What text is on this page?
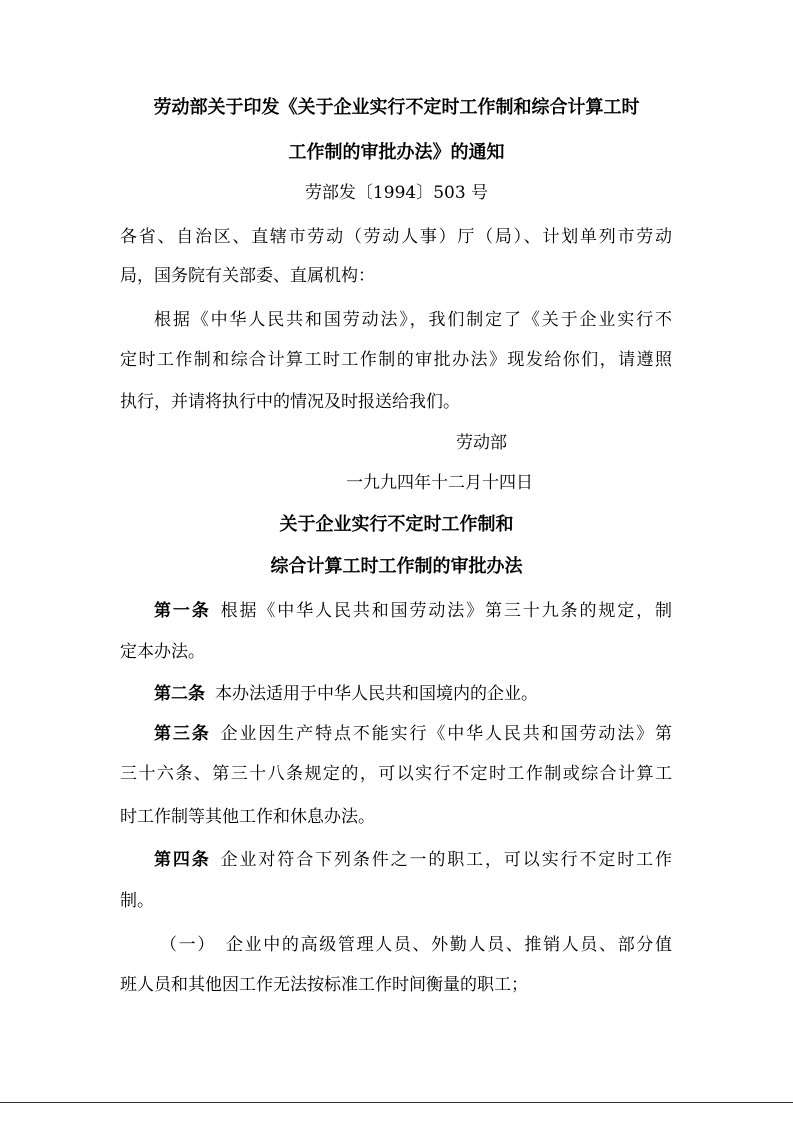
劳动部关于印发《关于企业实行不定时工作制和综合计算工时
工作制的审批办法》的通知
劳部发〔1994〕503 号
各省、自治区、直辖市劳动（劳动人事）厅（局）、计划单列市劳动
局，国务院有关部委、直属机构：
根据《中华人民共和国劳动法》，我们制定了《关于企业实行不
定时工作制和综合计算工时工作制的审批办法》现发给你们，请遵照
执行，并请将执行中的情况及时报送给我们。
劳动部
一九九四年十二月十四日
关于企业实行不定时工作制和
综合计算工时工作制的审批办法
第一条 根据《中华人民共和国劳动法》第三十九条的规定，制
定本办法。
第二条 本办法适用于中华人民共和国境内的企业。
第三条 企业因生产特点不能实行《中华人民共和国劳动法》第
三十六条、第三十八条规定的，可以实行不定时工作制或综合计算工
时工作制等其他工作和休息办法。
第四条 企业对符合下列条件之一的职工，可以实行不定时工作
制。
（一） 企业中的高级管理人员、外勤人员、推销人员、部分值
班人员和其他因工作无法按标准工作时间衡量的职工；
